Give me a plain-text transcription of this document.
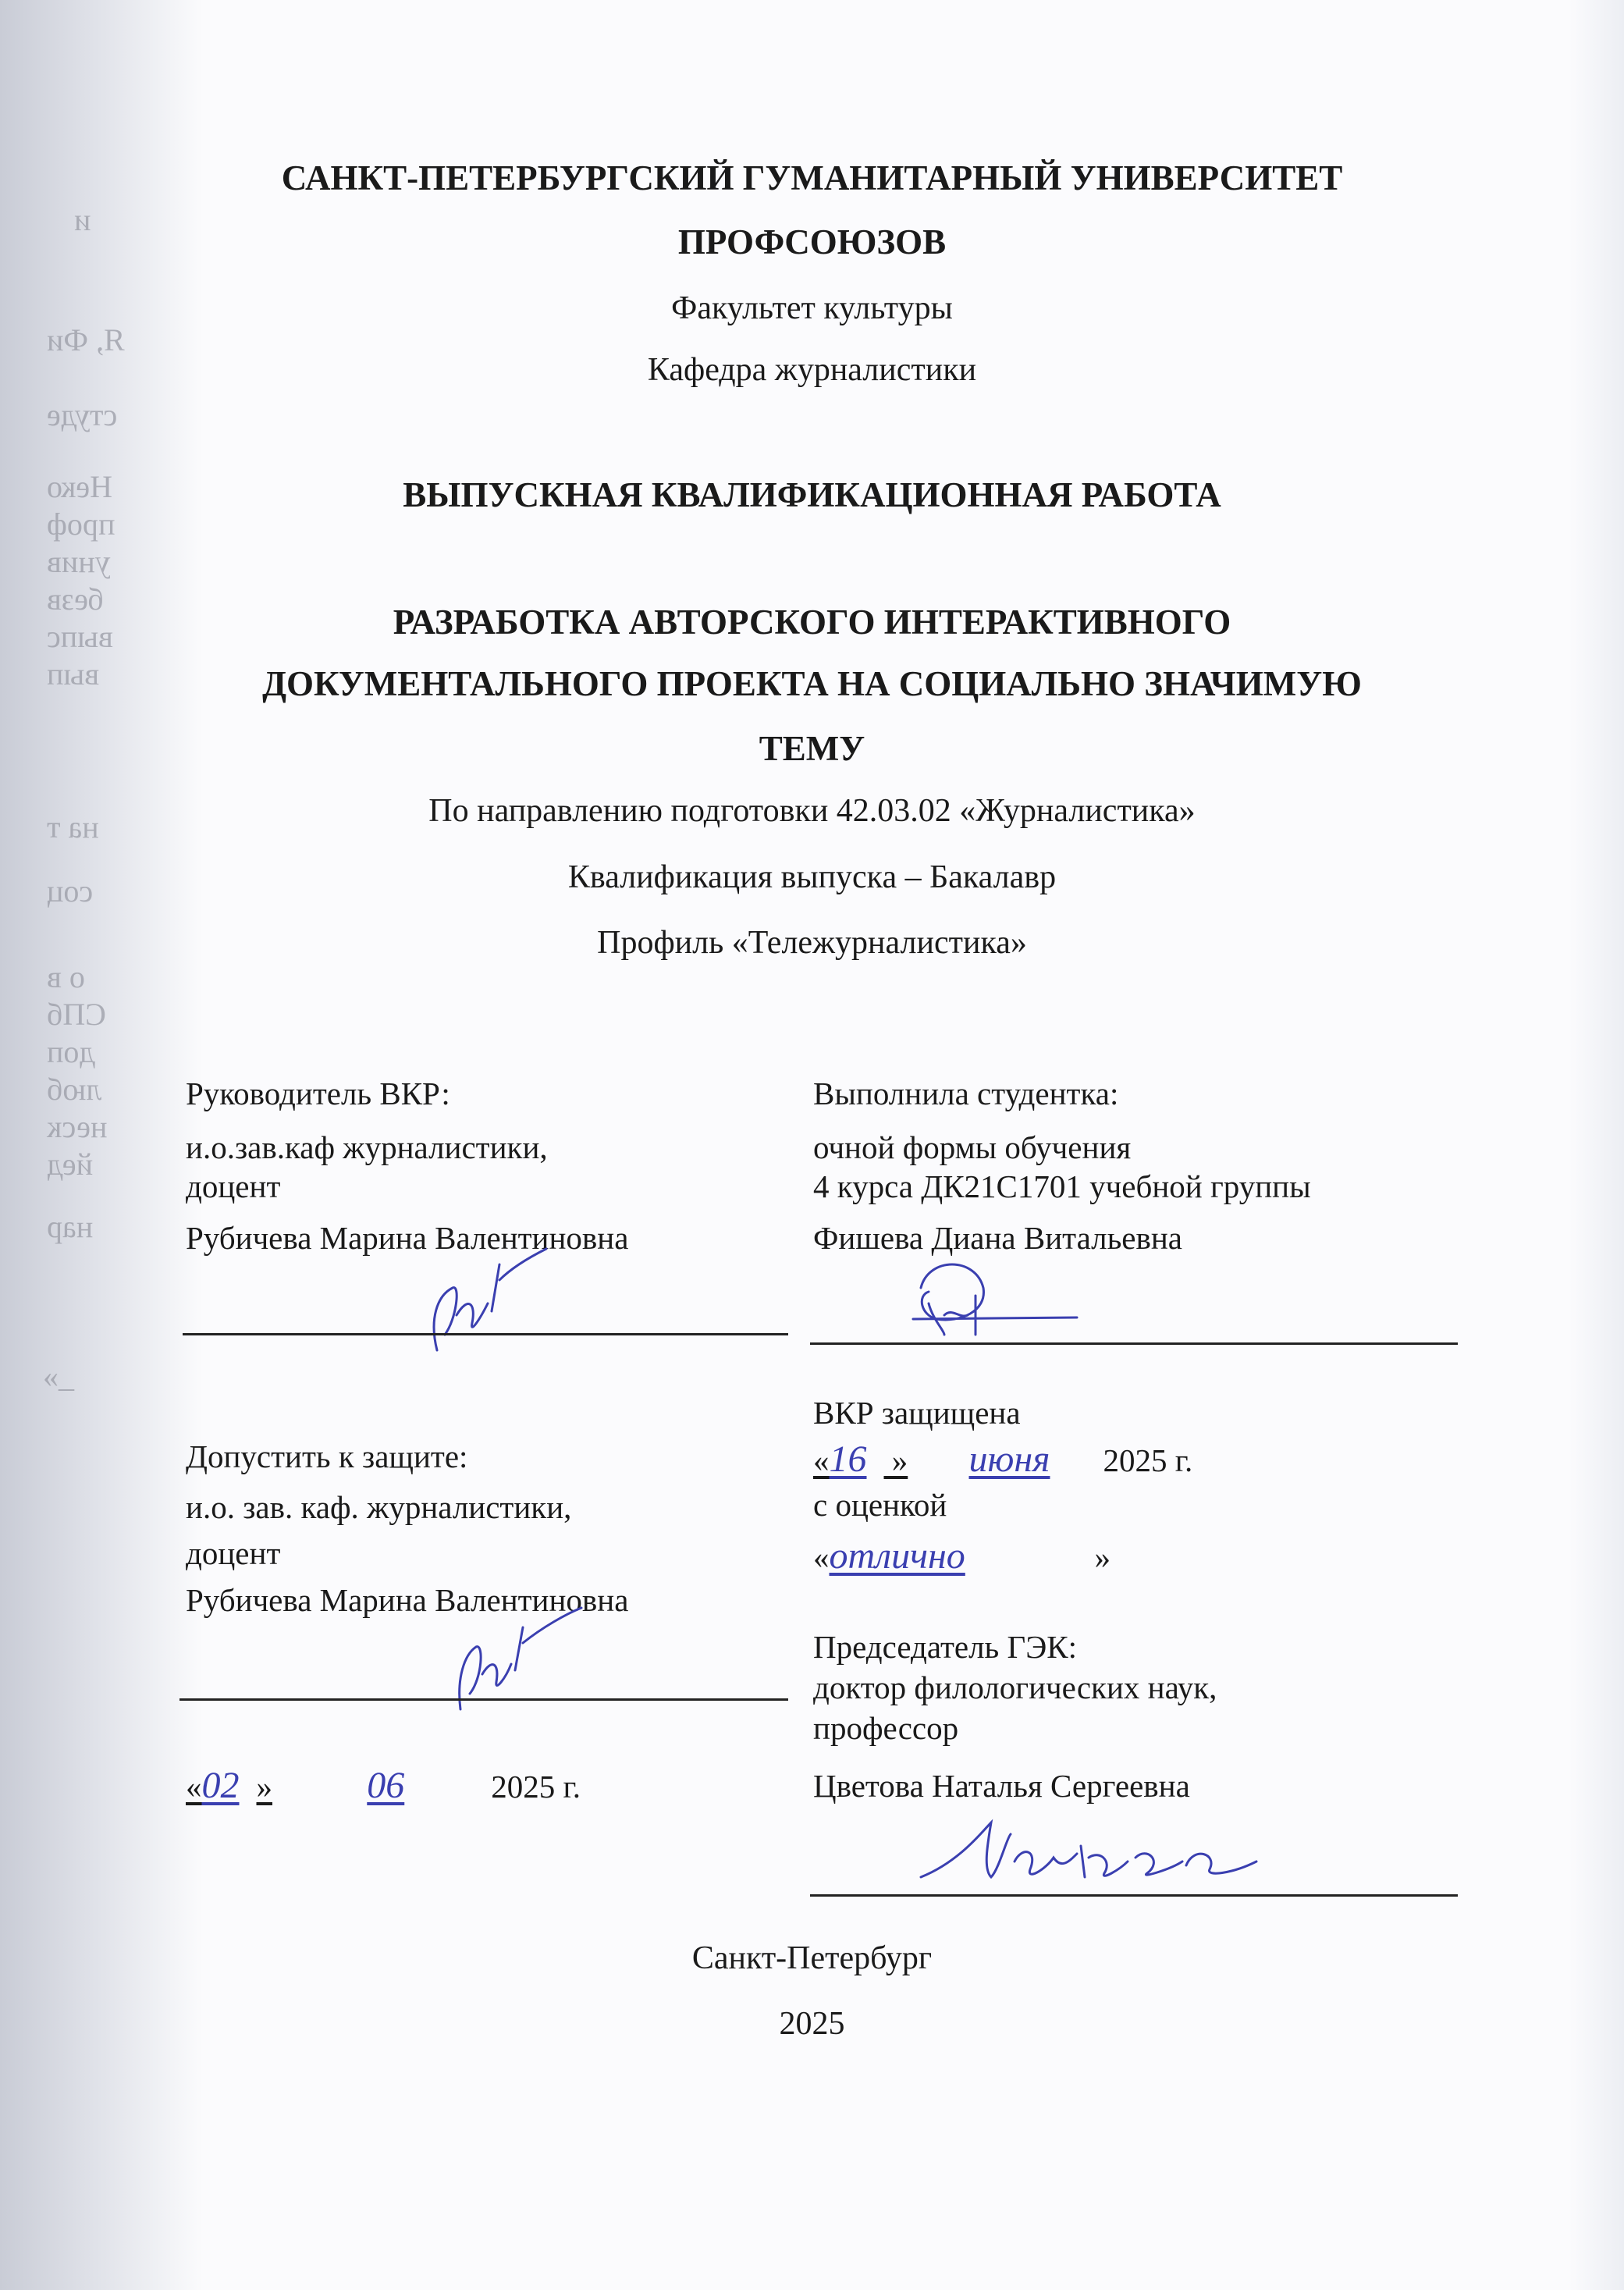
и
Я, Фи
студе
Неко
проф
унив
безв
выпс
вып
на т
соц
о в
СПб
доп
люб
неск
йед
нар
_»
САНКТ-ПЕТЕРБУРГСКИЙ ГУМАНИТАРНЫЙ УНИВЕРСИТЕТ
ПРОФСОЮЗОВ
Факультет культуры
Кафедра журналистики
ВЫПУСКНАЯ КВАЛИФИКАЦИОННАЯ РАБОТА
РАЗРАБОТКА АВТОРСКОГО ИНТЕРАКТИВНОГО
ДОКУМЕНТАЛЬНОГО ПРОЕКТА НА СОЦИАЛЬНО ЗНАЧИМУЮ
ТЕМУ
По направлению подготовки 42.03.02 «Журналистика»
Квалификация выпуска – Бакалавр
Профиль «Тележурналистика»
Руководитель ВКР:
и.о.зав.каф журналистики,
доцент
Рубичева Марина Валентиновна
Выполнила студентка:
очной формы обучения
4 курса ДК21С1701 учебной группы
Фишева Диана Витальевна
ВКР защищена
«16 » июня 2025 г.
с оценкой
«отлично	»
Допустить к защите:
и.о. зав. каф. журналистики,
доцент
Рубичева Марина Валентиновна
«02 »	06	2025 г.
Председатель ГЭК:
доктор филологических наук,
профессор
Цветова Наталья Сергеевна
Санкт-Петербург
2025
